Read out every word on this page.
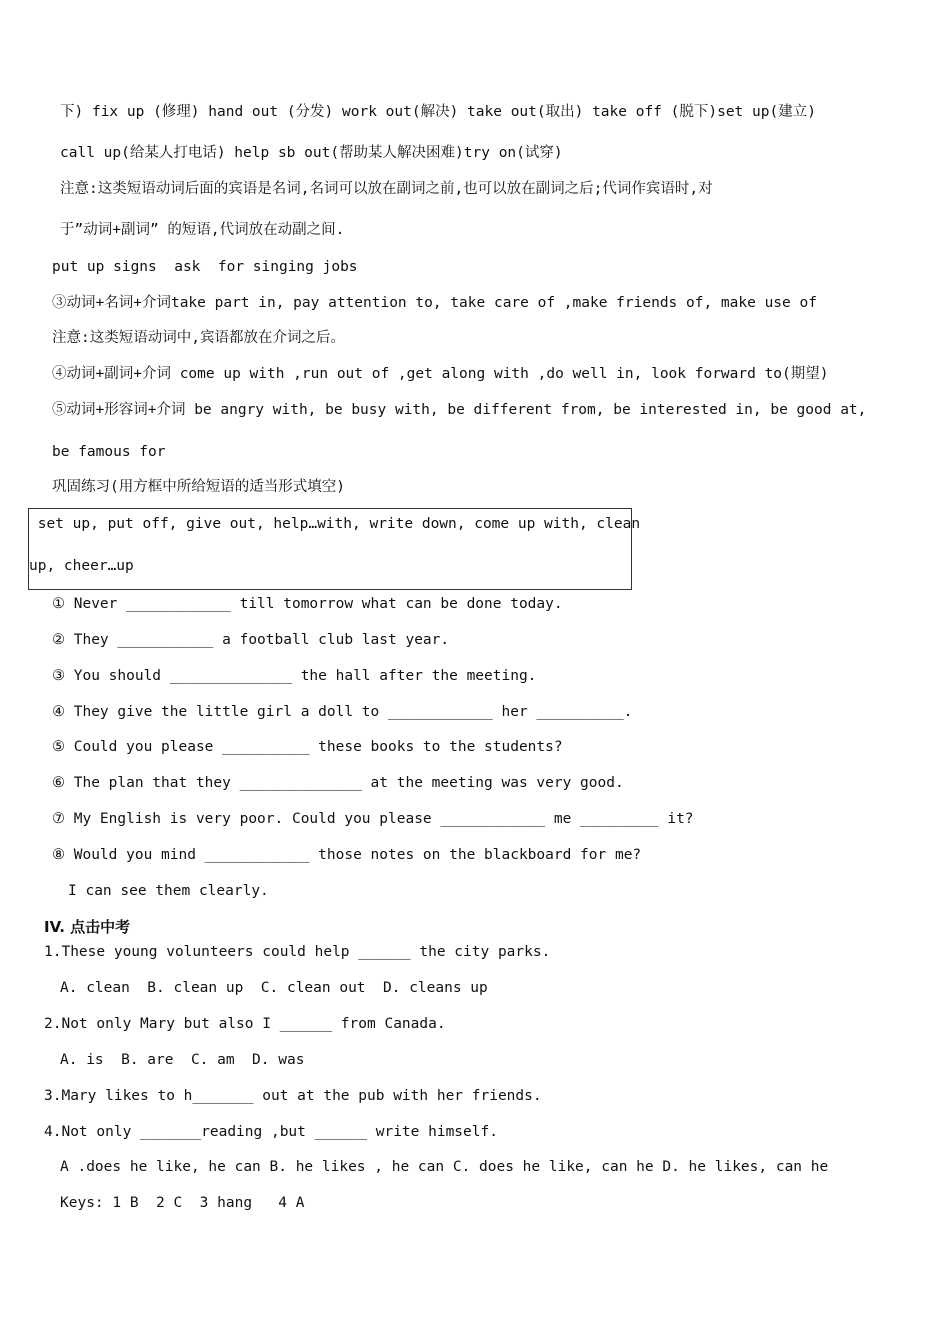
下) fix up (修理) hand out (分发) work out(解决) take out(取出) take off (脱下)set up(建立)
call up(给某人打电话) help sb out(帮助某人解决困难)try on(试穿)
注意:这类短语动词后面的宾语是名词,名词可以放在副词之前,也可以放在副词之后;代词作宾语时,对
于”动词+副词” 的短语,代词放在动副之间.
put up signs  ask  for singing jobs
③动词+名词+介词take part in, pay attention to, take care of ,make friends of, make use of
注意:这类短语动词中,宾语都放在介词之后。
④动词+副词+介词 come up with ,run out of ,get along with ,do well in, look forward to(期望)
⑤动词+形容词+介词 be angry with, be busy with, be different from, be interested in, be good at,
be famous for
巩固练习(用方框中所给短语的适当形式填空)
set up, put off, give out, help…with, write down, come up with, clean
up, cheer…up
① Never ____________ till tomorrow what can be done today.
② They ___________ a football club last year.
③ You should ______________ the hall after the meeting.
④ They give the little girl a doll to ____________ her __________.
⑤ Could you please __________ these books to the students?
⑥ The plan that they ______________ at the meeting was very good.
⑦ My English is very poor. Could you please ____________ me _________ it?
⑧ Would you mind ____________ those notes on the blackboard for me?
I can see them clearly.
IV. 点击中考
1.These young volunteers could help ______ the city parks.
A. clean  B. clean up  C. clean out  D. cleans up
2.Not only Mary but also I ______ from Canada.
A. is  B. are  C. am  D. was
3.Mary likes to h_______ out at the pub with her friends.
4.Not only _______reading ,but ______ write himself.
A .does he like, he can B. he likes , he can C. does he like, can he D. he likes, can he
Keys: 1 B  2 C  3 hang   4 A
